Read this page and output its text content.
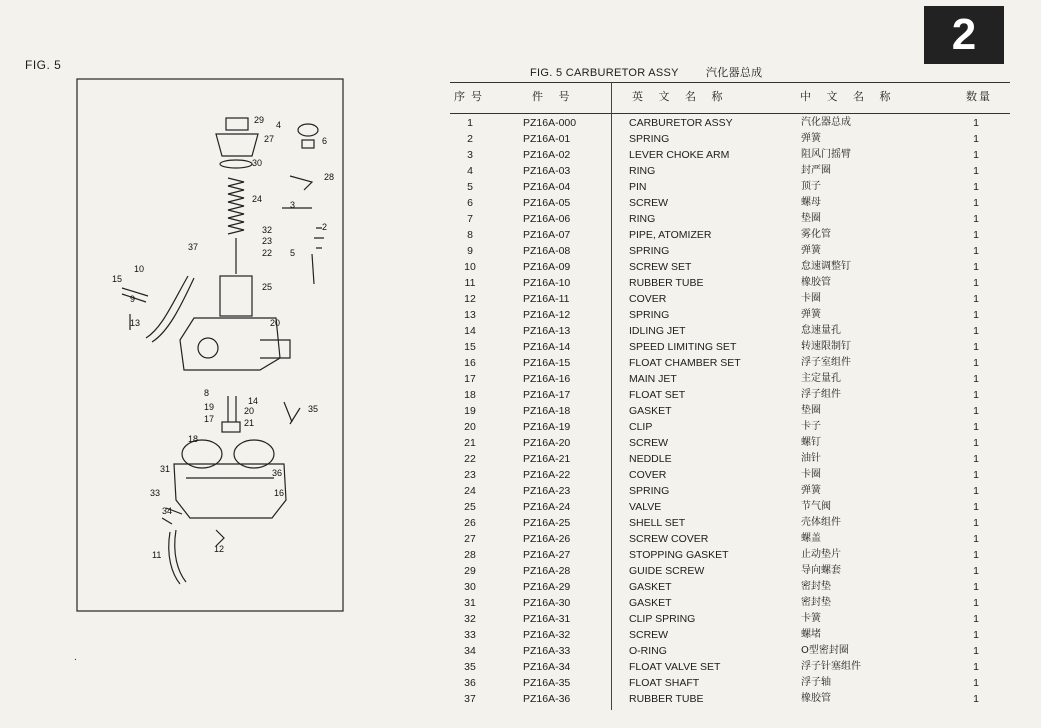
2
FIG. 5
FIG. 5 CARBURETOR ASSY 汽化器总成
29
27
30
24
32
23
22
37
25
20
10
15
9
13
8
19
17
14
20
21
35
18
31	36
16
33
34
12
11
4
6
28
3
2
5
.
序号	件 号	英 文 名 称	中 文 名 称	数量
1	PZ16A-000	CARBURETOR ASSY	汽化器总成	1
2	PZ16A-01	SPRING	弹簧	1
3	PZ16A-02	LEVER CHOKE ARM	阻风门摇臂	1
4	PZ16A-03	RING	封严圈	1
5	PZ16A-04	PIN	顶子	1
6	PZ16A-05	SCREW	螺母	1
7	PZ16A-06	RING	垫圈	1
8	PZ16A-07	PIPE, ATOMIZER	雾化管	1
9	PZ16A-08	SPRING	弹簧	1
10	PZ16A-09	SCREW SET	怠速调整钉	1
11	PZ16A-10	RUBBER TUBE	橡胶管	1
12	PZ16A-11	COVER	卡圈	1
13	PZ16A-12	SPRING	弹簧	1
14	PZ16A-13	IDLING JET	怠速量孔	1
15	PZ16A-14	SPEED LIMITING SET	转速限制钉	1
16	PZ16A-15	FLOAT CHAMBER SET	浮子室组件	1
17	PZ16A-16	MAIN JET	主定量孔	1
18	PZ16A-17	FLOAT SET	浮子组件	1
19	PZ16A-18	GASKET	垫圈	1
20	PZ16A-19	CLIP	卡子	1
21	PZ16A-20	SCREW	螺钉	1
22	PZ16A-21	NEDDLE	油针	1
23	PZ16A-22	COVER	卡圈	1
24	PZ16A-23	SPRING	弹簧	1
25	PZ16A-24	VALVE	节气阀	1
26	PZ16A-25	SHELL SET	壳体组件	1
27	PZ16A-26	SCREW COVER	螺盖	1
28	PZ16A-27	STOPPING GASKET	止动垫片	1
29	PZ16A-28	GUIDE SCREW	导向螺套	1
30	PZ16A-29	GASKET	密封垫	1
31	PZ16A-30	GASKET	密封垫	1
32	PZ16A-31	CLIP SPRING	卡簧	1
33	PZ16A-32	SCREW	螺堵	1
34	PZ16A-33	O-RING	O型密封圈	1
35	PZ16A-34	FLOAT VALVE SET	浮子针塞组件	1
36	PZ16A-35	FLOAT SHAFT	浮子轴	1
37	PZ16A-36	RUBBER TUBE	橡胶管	1
